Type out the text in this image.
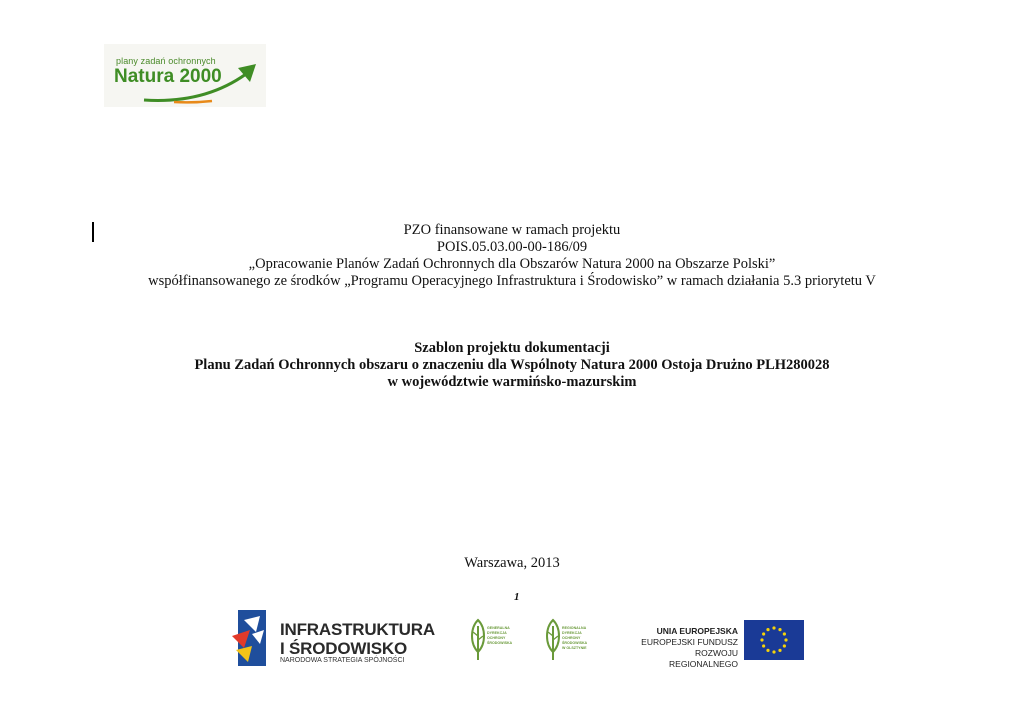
plany zadań ochronnych
Natura 2000
PZO finansowane w ramach projektu
POIS.05.03.00-00-186/09
„Opracowanie Planów Zadań Ochronnych dla Obszarów Natura 2000 na Obszarze Polski”
współfinansowanego ze środków „Programu Operacyjnego Infrastruktura i Środowisko” w ramach działania 5.3 priorytetu V
Szablon projektu dokumentacji
Planu Zadań Ochronnych obszaru o znaczeniu dla Wspólnoty Natura 2000 Ostoja Drużno PLH280028
w województwie warmińsko-mazurskim
Warszawa, 2013
1
INFRASTRUKTURA
I ŚRODOWISKO
NARODOWA STRATEGIA SPÓJNOŚCI
GENERALNA
DYREKCJA
OCHRONY
ŚRODOWISKA
REGIONALNA
DYREKCJA
OCHRONY
ŚRODOWISKA
W OLSZTYNIE
UNIA EUROPEJSKA
EUROPEJSKI FUNDUSZ
ROZWOJU REGIONALNEGO
